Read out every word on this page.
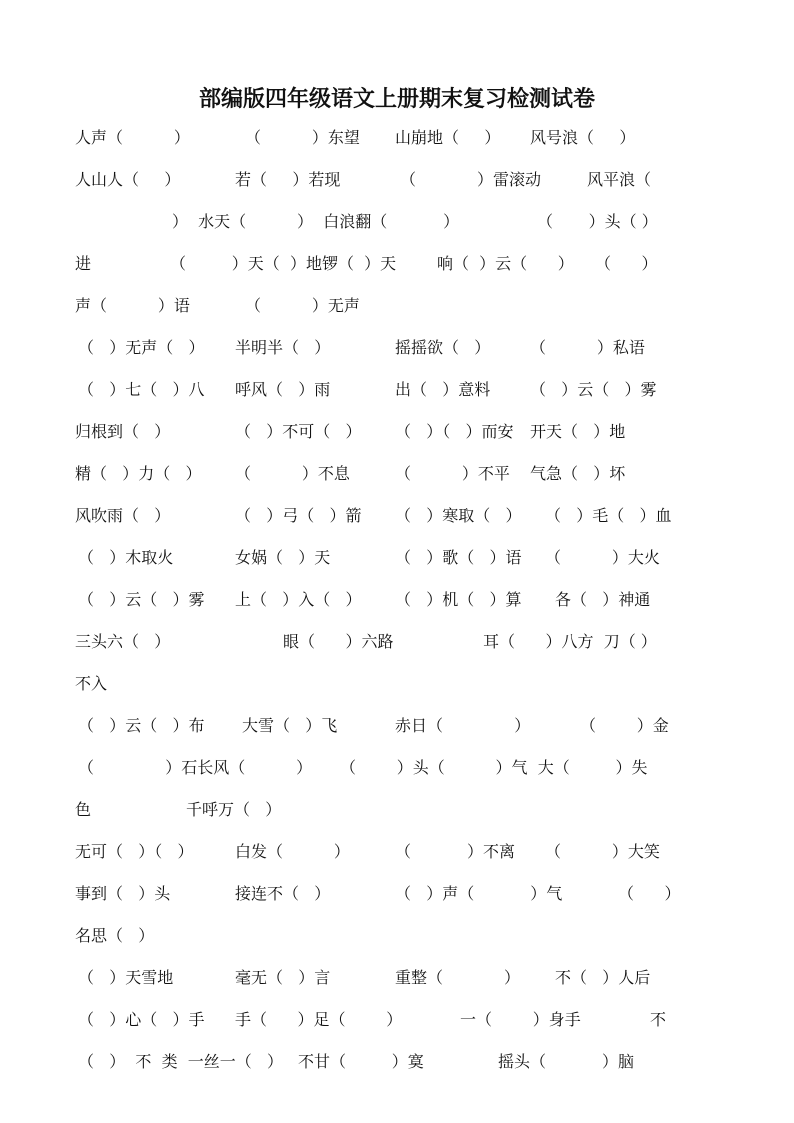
部编版四年级语文上册期末复习检测试卷
人声（          ）	（          ）东望 山崩地（     ） 风号浪（     ）
人山人（     ）	若（     ）若现	（            ）雷滚动	风平浪（
）  水天（          ）  白浪翻（           ）	（       ）头（ ）
进	（         ）天（  ）地锣（  ）天	响（  ）云（      ） （      ）
声（          ）语	（          ）无声
（   ）无声（   ） 半明半（   ）	摇摇欲（   ） （          ）私语
（   ）七（   ）八 呼风（   ）雨	出（   ）意料 （   ）云（   ）雾
归根到（   ）	（   ）不可（   ） （   ）（   ）而安 开天（   ）地
精（   ）力（   ） （          ）不息	（          ）不平 气急（   ）坏
风吹雨（   ）	（   ）弓（   ）箭 （   ）寒取（   ） （   ）毛（   ）血
（   ）木取火	女娲（   ）天	（   ）歌（   ）语 （          ）大火
（   ）云（   ）雾 上（   ）入（   ） （   ）机（   ）算 各（   ）神通
三头六（   ）	眼（      ）六路	耳（      ）八方  刀（ ）
不入
（   ）云（   ）布 大雪（   ）飞	赤日（              ）	（        ）金
（              ）石长风（          ） （        ）头（          ）气  大（         ）失
色	千呼万（   ）
无可（   ）（   ）	白发（          ）	（           ）不离 （          ）大笑
事到（   ）头	接连不（   ）	（   ）声（           ）气	（      ）
名思（   ）
（   ）天雪地	毫无（   ）言	重整（            ） 不（   ）人后
（   ）心（   ）手 手（      ）足（        ）	一（        ）身手	不
（   ）  不  类  一丝一（   ） 不甘（         ）寞	摇头（           ）脑
